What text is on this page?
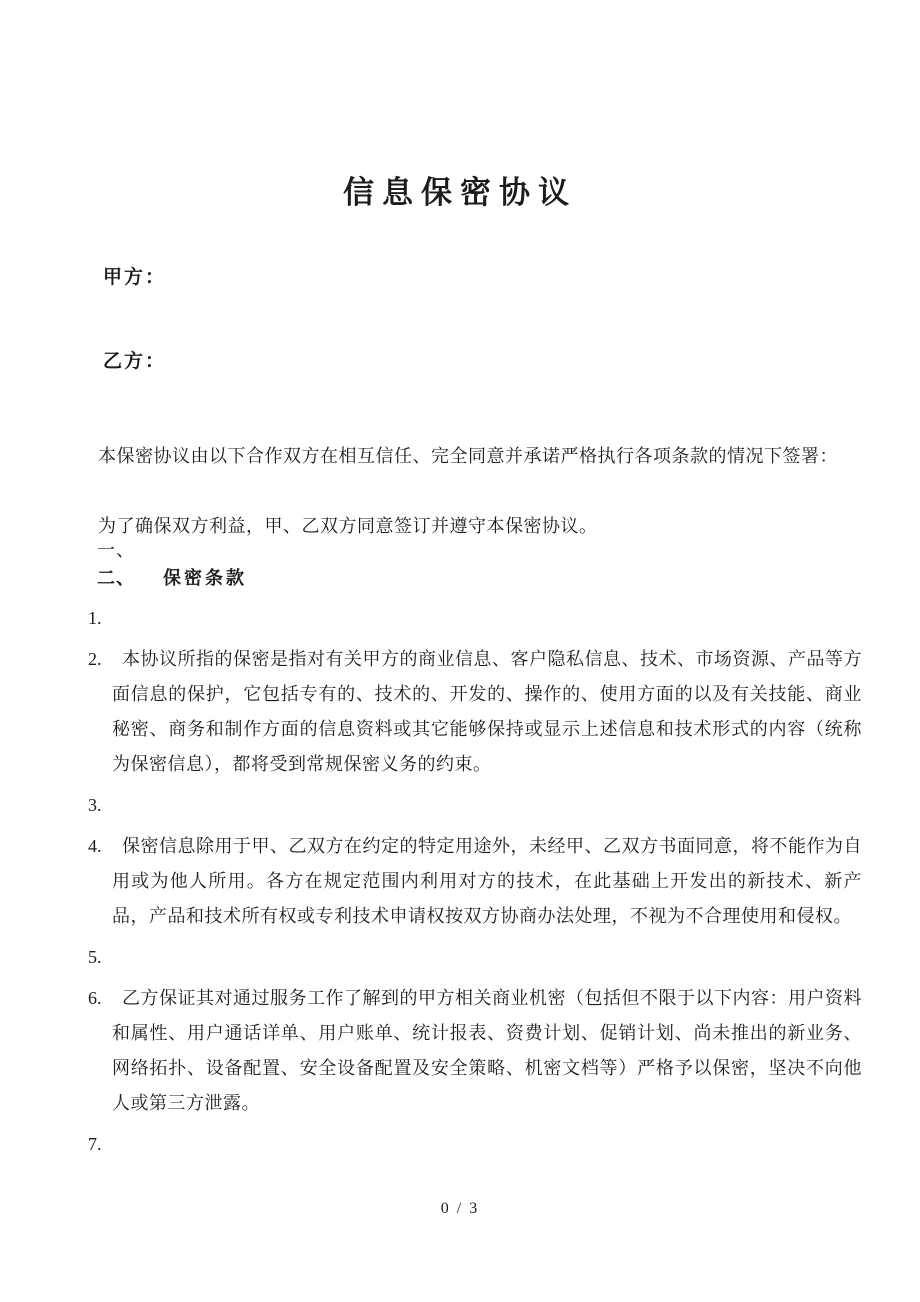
信息保密协议
甲方：
乙方：

本保密协议由以下合作双方在相互信任、完全同意并承诺严格执行各项条款的情况下签署：

为了确保双方利益，甲、乙双方同意签订并遵守本保密协议。

一、
二、 保密条款
1.
2.	本协议所指的保密是指对有关甲方的商业信息、客户隐私信息、技术、市场资源、产品等方面信息的保护，它包括专有的、技术的、开发的、操作的、使用方面的以及有关技能、商业秘密、商务和制作方面的信息资料或其它能够保持或显示上述信息和技术形式的内容（统称为保密信息），都将受到常规保密义务的约束。
3.
4.	保密信息除用于甲、乙双方在约定的特定用途外，未经甲、乙双方书面同意，将不能作为自用或为他人所用。各方在规定范围内利用对方的技术，在此基础上开发出的新技术、新产品，产品和技术所有权或专利技术申请权按双方协商办法处理，不视为不合理使用和侵权。
5.
6.	乙方保证其对通过服务工作了解到的甲方相关商业机密（包括但不限于以下内容：用户资料和属性、用户通话详单、用户账单、统计报表、资费计划、促销计划、尚未推出的新业务、网络拓扑、设备配置、安全设备配置及安全策略、机密文档等）严格予以保密，坚决不向他人或第三方泄露。
7.
0 / 3
